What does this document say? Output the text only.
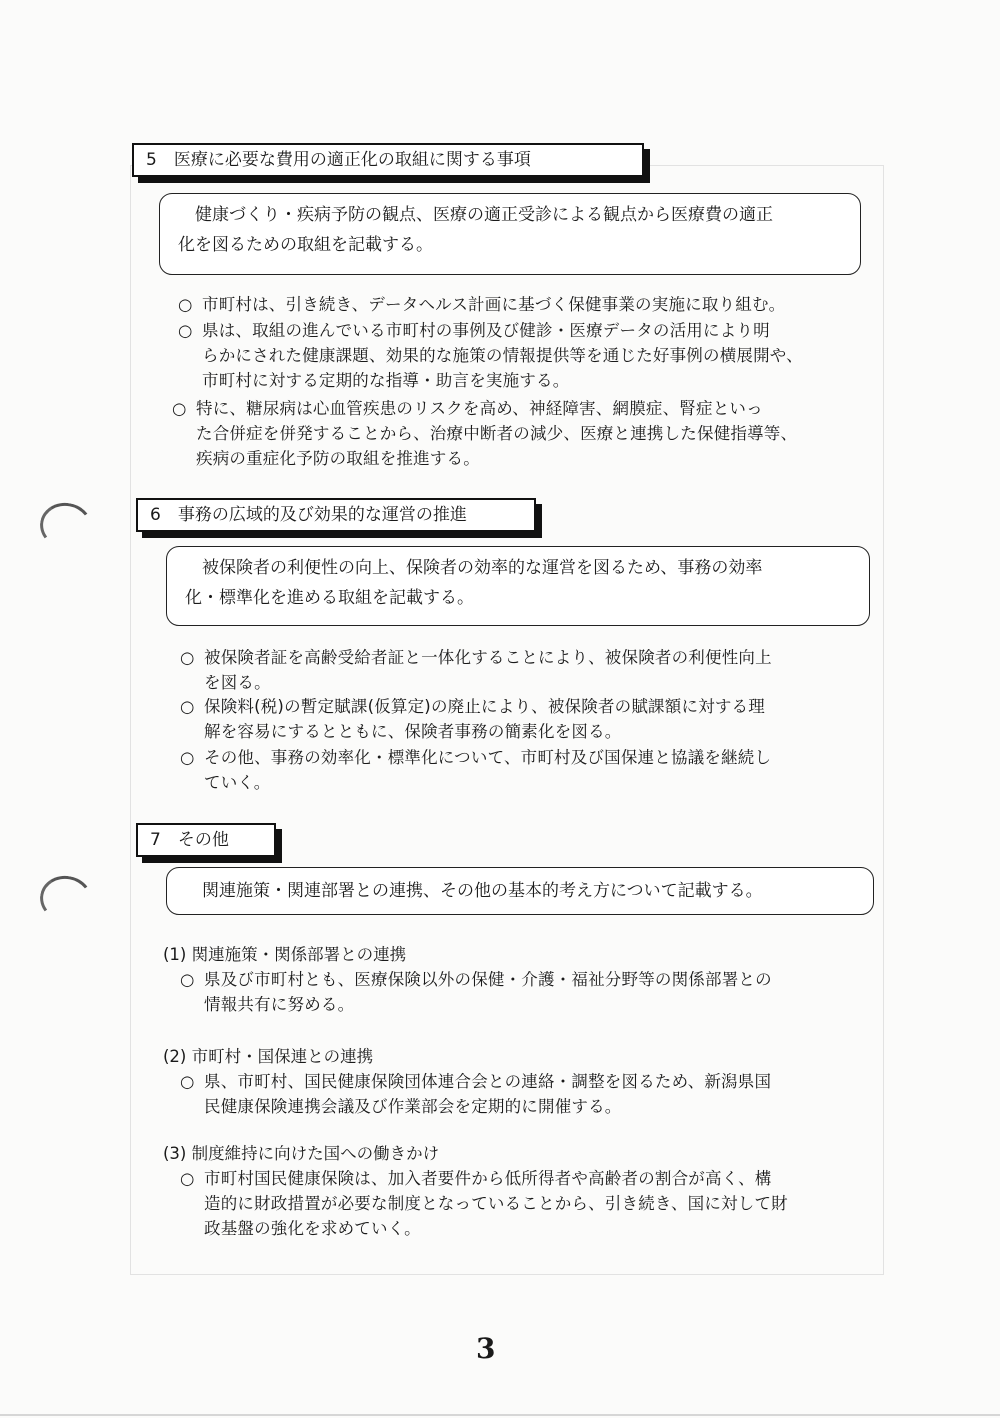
5　医療に必要な費用の適正化の取組に関する事項
　健康づくり・疾病予防の観点、医療の適正受診による観点から医療費の適正
化を図るための取組を記載する。
○ 市町村は、引き続き、データヘルス計画に基づく保健事業の実施に取り組む。
○ 県は、取組の進んでいる市町村の事例及び健診・医療データの活用により明
らかにされた健康課題、効果的な施策の情報提供等を通じた好事例の横展開や、
市町村に対する定期的な指導・助言を実施する。
○ 特に、糖尿病は心血管疾患のリスクを高め、神経障害、網膜症、腎症といっ
た合併症を併発することから、治療中断者の減少、医療と連携した保健指導等、
疾病の重症化予防の取組を推進する。
6　事務の広域的及び効果的な運営の推進
　被保険者の利便性の向上、保険者の効率的な運営を図るため、事務の効率
化・標準化を進める取組を記載する。
○ 被保険者証を高齢受給者証と一体化することにより、被保険者の利便性向上
を図る。
○ 保険料(税)の暫定賦課(仮算定)の廃止により、被保険者の賦課額に対する理
解を容易にするとともに、保険者事務の簡素化を図る。
○ その他、事務の効率化・標準化について、市町村及び国保連と協議を継続し
ていく。
7　その他
　関連施策・関連部署との連携、その他の基本的考え方について記載する。
(1) 関連施策・関係部署との連携
○ 県及び市町村とも、医療保険以外の保健・介護・福祉分野等の関係部署との
情報共有に努める。
(2) 市町村・国保連との連携
○ 県、市町村、国民健康保険団体連合会との連絡・調整を図るため、新潟県国
民健康保険連携会議及び作業部会を定期的に開催する。
(3) 制度維持に向けた国への働きかけ
○ 市町村国民健康保険は、加入者要件から低所得者や高齢者の割合が高く、構
造的に財政措置が必要な制度となっていることから、引き続き、国に対して財
政基盤の強化を求めていく。
3
